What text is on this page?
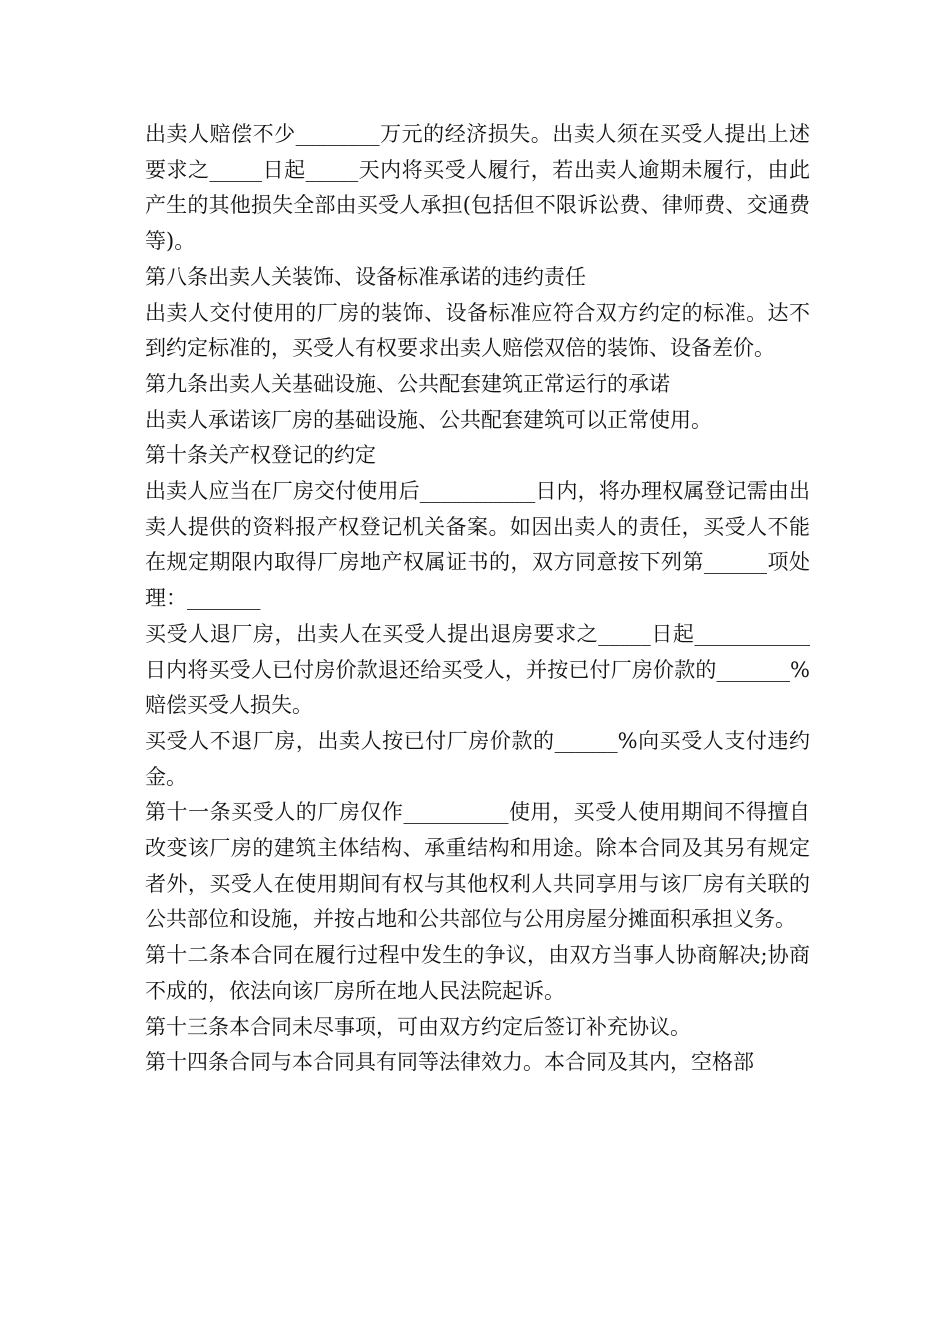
出卖人赔偿不少________万元的经济损失。出卖人须在买受人提出上述要求之_____日起_____天内将买受人履行，若出卖人逾期未履行，由此产生的其他损失全部由买受人承担(包括但不限诉讼费、律师费、交通费等)。

第八条出卖人关装饰、设备标准承诺的违约责任

出卖人交付使用的厂房的装饰、设备标准应符合双方约定的标准。达不到约定标准的，买受人有权要求出卖人赔偿双倍的装饰、设备差价。

第九条出卖人关基础设施、公共配套建筑正常运行的承诺

出卖人承诺该厂房的基础设施、公共配套建筑可以正常使用。

第十条关产权登记的约定

出卖人应当在厂房交付使用后___________日内，将办理权属登记需由出卖人提供的资料报产权登记机关备案。如因出卖人的责任，买受人不能在规定期限内取得厂房地产权属证书的，双方同意按下列第______项处理：_______

买受人退厂房，出卖人在买受人提出退房要求之_____日起___________日内将买受人已付房价款退还给买受人，并按已付厂房价款的_______%赔偿买受人损失。

买受人不退厂房，出卖人按已付厂房价款的______%向买受人支付违约金。

第十一条买受人的厂房仅作__________使用，买受人使用期间不得擅自改变该厂房的建筑主体结构、承重结构和用途。除本合同及其另有规定者外，买受人在使用期间有权与其他权利人共同享用与该厂房有关联的公共部位和设施，并按占地和公共部位与公用房屋分摊面积承担义务。

第十二条本合同在履行过程中发生的争议，由双方当事人协商解决;协商不成的，依法向该厂房所在地人民法院起诉。

第十三条本合同未尽事项，可由双方约定后签订补充协议。

第十四条合同与本合同具有同等法律效力。本合同及其内，空格部
